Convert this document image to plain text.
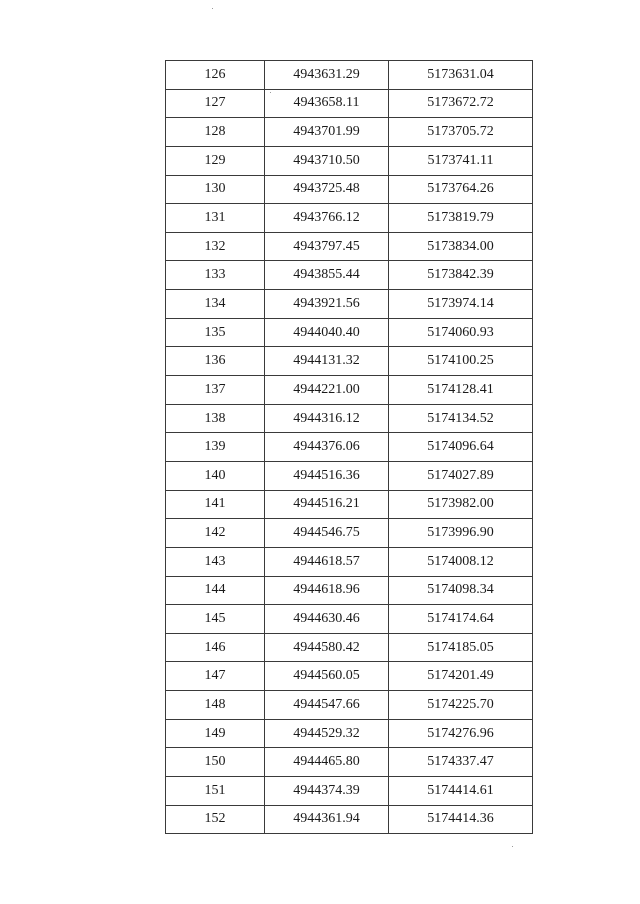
126	4943631.29	5173631.04
127	4943658.11	5173672.72
128	4943701.99	5173705.72
129	4943710.50	5173741.11
130	4943725.48	5173764.26
131	4943766.12	5173819.79
132	4943797.45	5173834.00
133	4943855.44	5173842.39
134	4943921.56	5173974.14
135	4944040.40	5174060.93
136	4944131.32	5174100.25
137	4944221.00	5174128.41
138	4944316.12	5174134.52
139	4944376.06	5174096.64
140	4944516.36	5174027.89
141	4944516.21	5173982.00
142	4944546.75	5173996.90
143	4944618.57	5174008.12
144	4944618.96	5174098.34
145	4944630.46	5174174.64
146	4944580.42	5174185.05
147	4944560.05	5174201.49
148	4944547.66	5174225.70
149	4944529.32	5174276.96
150	4944465.80	5174337.47
151	4944374.39	5174414.61
152	4944361.94	5174414.36
